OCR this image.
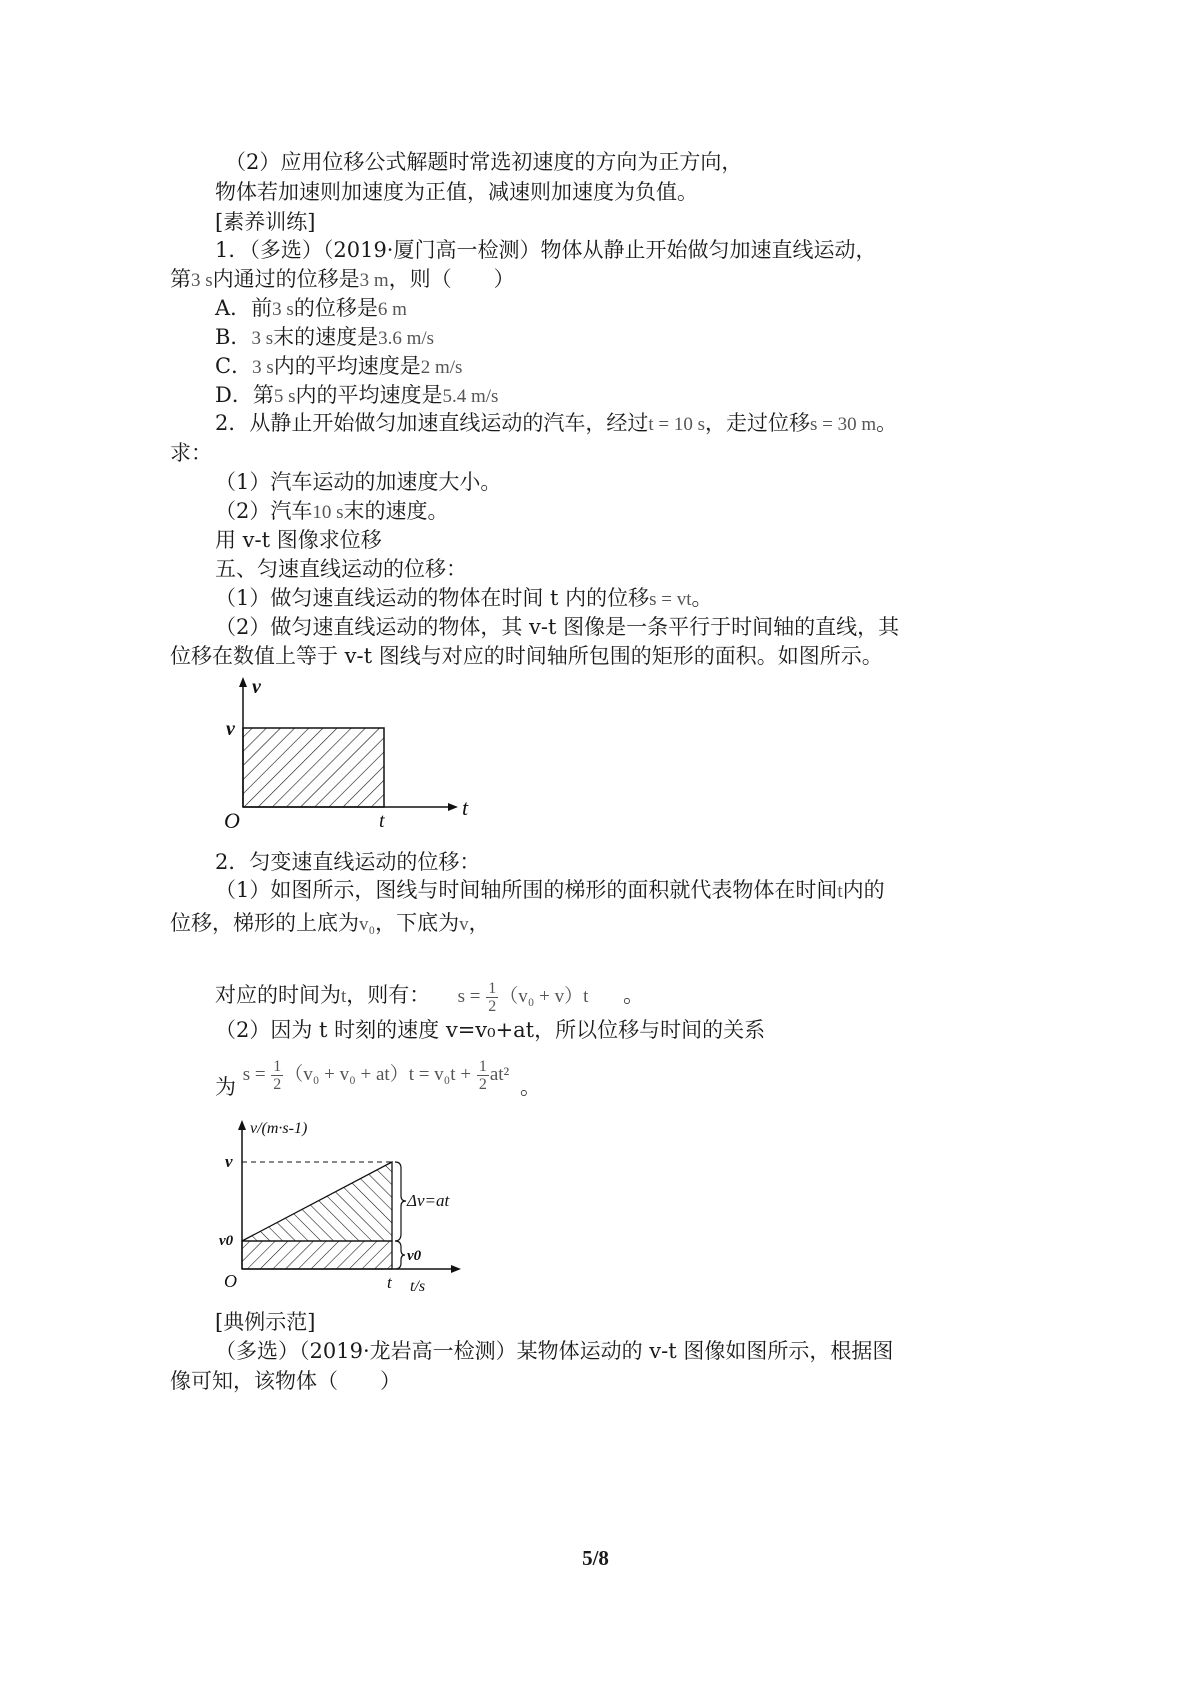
（2）应用位移公式解题时常选初速度的方向为正方向，
物体若加速则加速度为正值，减速则加速度为负值。
[素养训练]
1．（多选）（2019·厦门高一检测）物体从静止开始做匀加速直线运动，
第3 s内通过的位移是3 m，则（　　）
A．前3 s的位移是6 m
B．3 s末的速度是3.6 m/s
C．3 s内的平均速度是2 m/s
D．第5 s内的平均速度是5.4 m/s
2．从静止开始做匀加速直线运动的汽车，经过t = 10 s，走过位移s = 30 m。
求：
（1）汽车运动的加速度大小。
（2）汽车10 s末的速度。
用 v-t 图像求位移
五、匀速直线运动的位移：
（1）做匀速直线运动的物体在时间 t 内的位移s = vt。
（2）做匀速直线运动的物体，其 v-t 图像是一条平行于时间轴的直线，其
位移在数值上等于 v-t 图线与对应的时间轴所包围的矩形的面积。如图所示。
v
v
O	t
t
2．匀变速直线运动的位移：
（1）如图所示，图线与时间轴所围的梯形的面积就代表物体在时间t内的
位移，梯形的上底为v₀，下底为v，
对应的时间为t，则有： $s = \frac{1}{2} (v_0 + v)t$ 。
（2）因为 t 时刻的速度 v=v₀+at，所以位移与时间的关系
为 $s = \frac{1}{2} (v_0 + v_0 + at)t = v_0t + \frac{1}{2} at^2$ 。
v/(m·s-1)
v
v0
O	t t/s
Δv=at
v0
[典例示范]
（多选）（2019·龙岩高一检测）某物体运动的 v-t 图像如图所示，根据图
像可知，该物体（　　）
5/8
